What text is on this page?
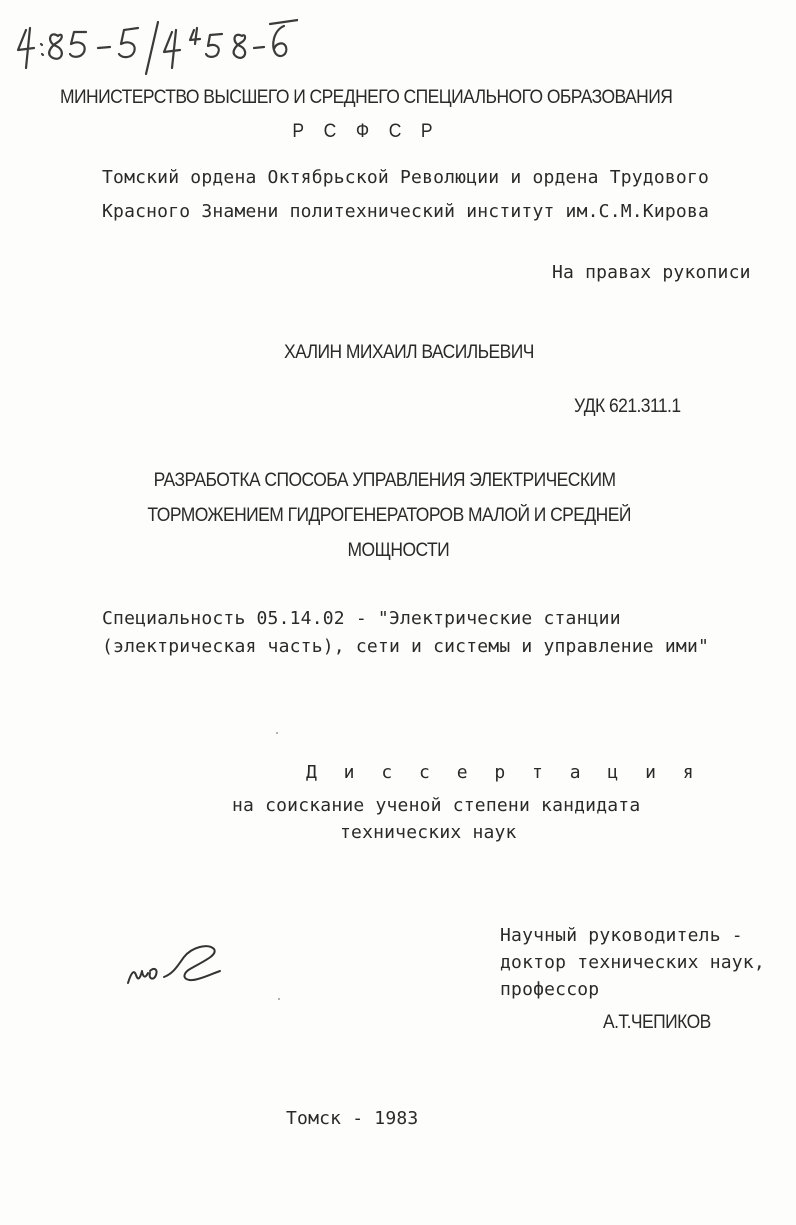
МИНИСТЕРСТВО ВЫСШЕГО И СРЕДНЕГО СПЕЦИАЛЬНОГО ОБРАЗОВАНИЯ
Р С Ф С Р
Томский ордена Октябрьской Революции и ордена Трудового
Красного Знамени политехнический институт им.С.М.Кирова
На правах рукописи
ХАЛИН МИХАИЛ ВАСИЛЬЕВИЧ
УДК 621.311.1
РАЗРАБОТКА СПОСОБА УПРАВЛЕНИЯ ЭЛЕКТРИЧЕСКИМ
ТОРМОЖЕНИЕМ ГИДРОГЕНЕРАТОРОВ МАЛОЙ И СРЕДНЕЙ
МОЩНОСТИ
Специальность 05.14.02 - "Электрические станции
(электрическая часть), сети и системы и управление ими"
Д и с с е р т а ц и я
на соискание ученой степени кандидата
технических наук
Научный руководитель -
доктор технических наук,
профессор
А.Т.ЧЕПИКОВ
Томск - 1983
